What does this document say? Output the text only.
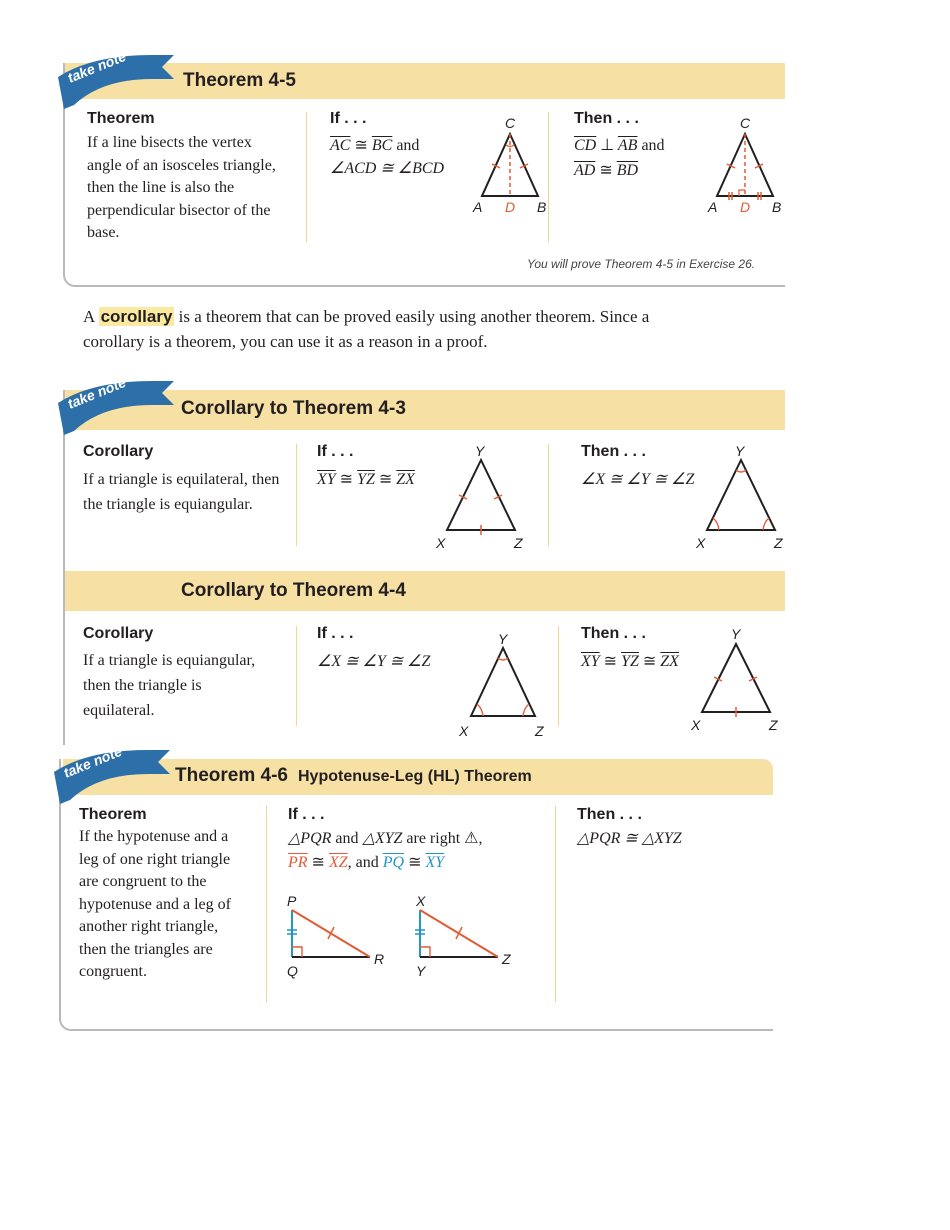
take note	Theorem 4-5
Theorem
If a line bisects the vertex angle of an isosceles triangle, then the line is also the perpendicular bisector of the base.
If . . .
$\overline{AC}$ ≅ $\overline{BC}$ and
∠ACD ≅ ∠BCD
C
A D B
Then . . .
$\overline{CD}$ ⊥ $\overline{AB}$ and
$\overline{AD}$ ≅ $\overline{BD}$
C
A D B
You will prove Theorem 4-5 in Exercise 26.
A corollary is a theorem that can be proved easily using another theorem. Since a corollary is a theorem, you can use it as a reason in a proof.
take note	Corollary to Theorem 4-3
Corollary
If a triangle is equilateral, then the triangle is equiangular.
If . . .
$\overline{XY}$ ≅ $\overline{YZ}$ ≅ $\overline{ZX}$
Y
X	Z
Then . . .
∠X ≅ ∠Y ≅ ∠Z
Y
X	Z
Corollary to Theorem 4-4
Corollary
If a triangle is equiangular, then the triangle is equilateral.
If . . .
∠X ≅ ∠Y ≅ ∠Z
Y
X	Z
Then . . .
$\overline{XY}$ ≅ $\overline{YZ}$ ≅ $\overline{ZX}$
Y
X	Z
take note	Theorem 4-6 Hypotenuse-Leg (HL) Theorem
Theorem
If the hypotenuse and a leg of one right triangle are congruent to the hypotenuse and a leg of another right triangle, then the triangles are congruent.
If . . .
△PQR and △XYZ are right ⚠,
$\overline{PR}$ ≅ $\overline{XZ}$, and $\overline{PQ}$ ≅ $\overline{XY}$
P
Q
R
X
Y
Z
Then . . .
△PQR ≅ △XYZ
